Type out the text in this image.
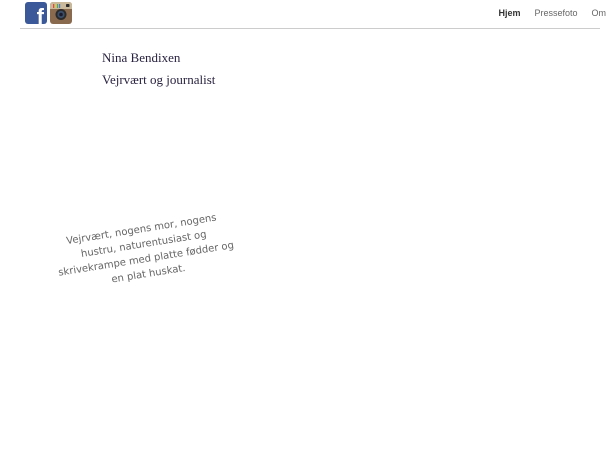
f	Hjem Pressefoto Om
Nina Bendixen
Vejrvært og journalist
Vejrvært, nogens mor, nogens
hustru, naturentusiast og
skrivekrampe med platte fødder og
en plat huskat.
